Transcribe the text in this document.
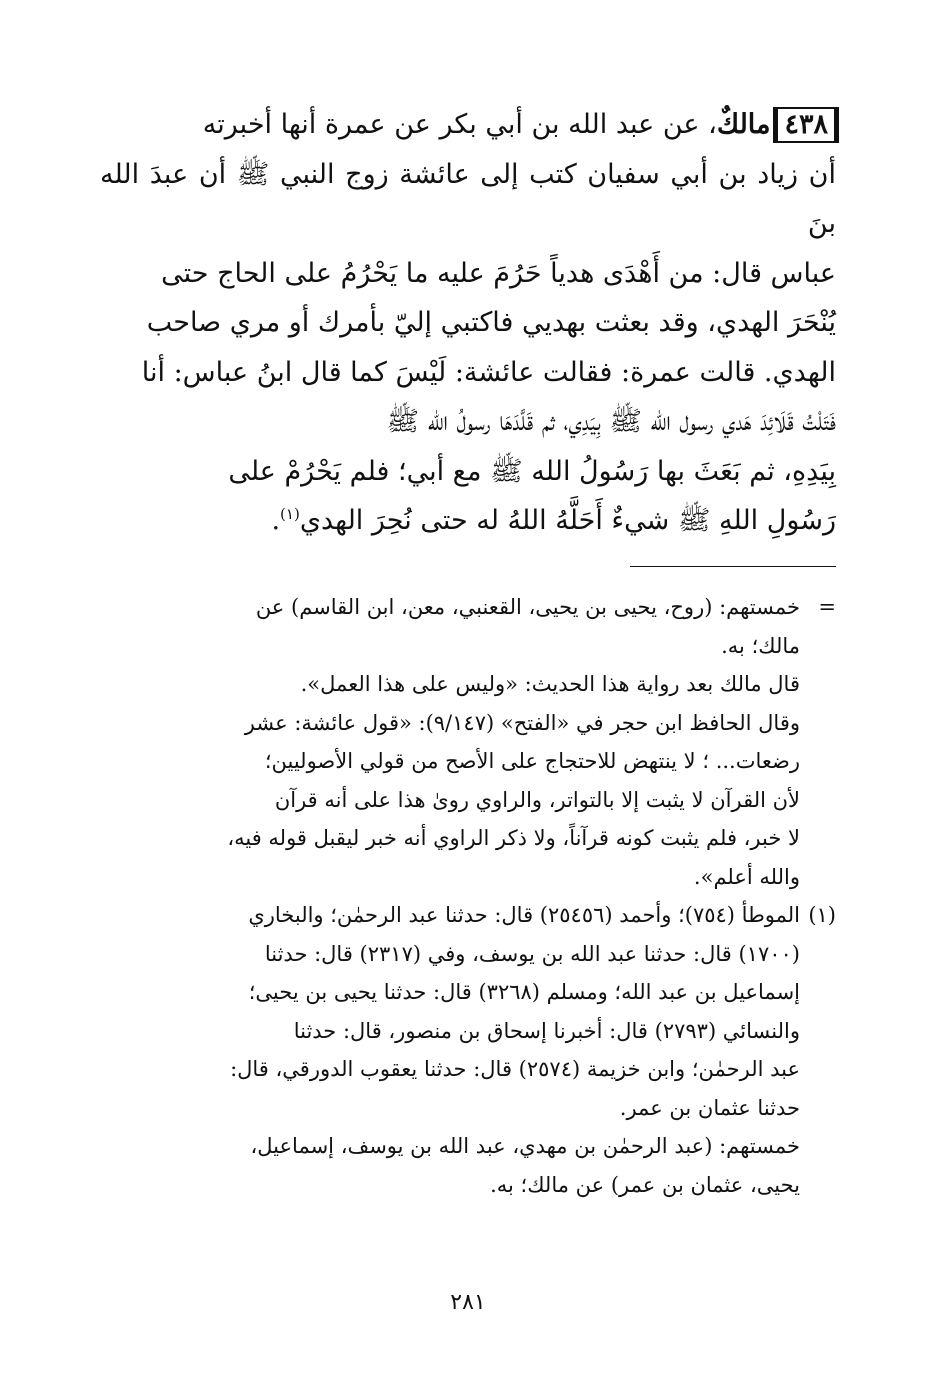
٤٣٨مالكٌ، عن عبد الله بن أبي بكر عن عمرة أنها أخبرته

أن زياد بن أبي سفيان كتب إلى عائشة زوج النبي ﷺ أن عبدَ الله بنَ

عباس قال: من أَهْدَى هدياً حَرُمَ عليه ما يَحْرُمُ على الحاج حتى

يُنْحَرَ الهدي، وقد بعثت بهديي فاكتبي إليّ بأمرك أو مري صاحب

الهدي. قالت عمرة: فقالت عائشة: لَيْسَ كما قال ابنُ عباس: أنا

فَتَلْتُ قَلَائِدَ هَدي رسول الله ﷺ بِيَدِي، ثم قَلَّدَهَا رسولُ الله ﷺ

بِيَدِهِ، ثم بَعَثَ بها رَسُولُ الله ﷺ مع أبي؛ فلم يَحْرُمْ على

رَسُولِ اللهِ ﷺ شيءٌ أَحَلَّهُ اللهُ له حتى نُحِرَ الهدي$^{(١)}$.

=

خمستهم: (روح، يحيى بن يحيى، القعنبي، معن، ابن القاسم) عن

مالك؛ به.

قال مالك بعد رواية هذا الحديث: «وليس على هذا العمل».

وقال الحافظ ابن حجر في «الفتح» (٩/١٤٧): «قول عائشة: عشر

رضعات... ؛ لا ينتهض للاحتجاج على الأصح من قولي الأصوليين؛

لأن القرآن لا يثبت إلا بالتواتر، والراوي روىٰ هذا على أنه قرآن

لا خبر، فلم يثبت كونه قرآناً، ولا ذكر الراوي أنه خبر ليقبل قوله فيه،

والله أعلم».

(١)

الموطأ (٧٥٤)؛ وأحمد (٢٥٤٥٦) قال: حدثنا عبد الرحمٰن؛ والبخاري

(١٧٠٠) قال: حدثنا عبد الله بن يوسف، وفي (٢٣١٧) قال: حدثنا

إسماعيل بن عبد الله؛ ومسلم (٣٢٦٨) قال: حدثنا يحيى بن يحيى؛

والنسائي (٢٧٩٣) قال: أخبرنا إسحاق بن منصور، قال: حدثنا

عبد الرحمٰن؛ وابن خزيمة (٢٥٧٤) قال: حدثنا يعقوب الدورقي، قال:

حدثنا عثمان بن عمر.

خمستهم: (عبد الرحمٰن بن مهدي، عبد الله بن يوسف، إسماعيل،

يحيى، عثمان بن عمر) عن مالك؛ به.

٢٨١
